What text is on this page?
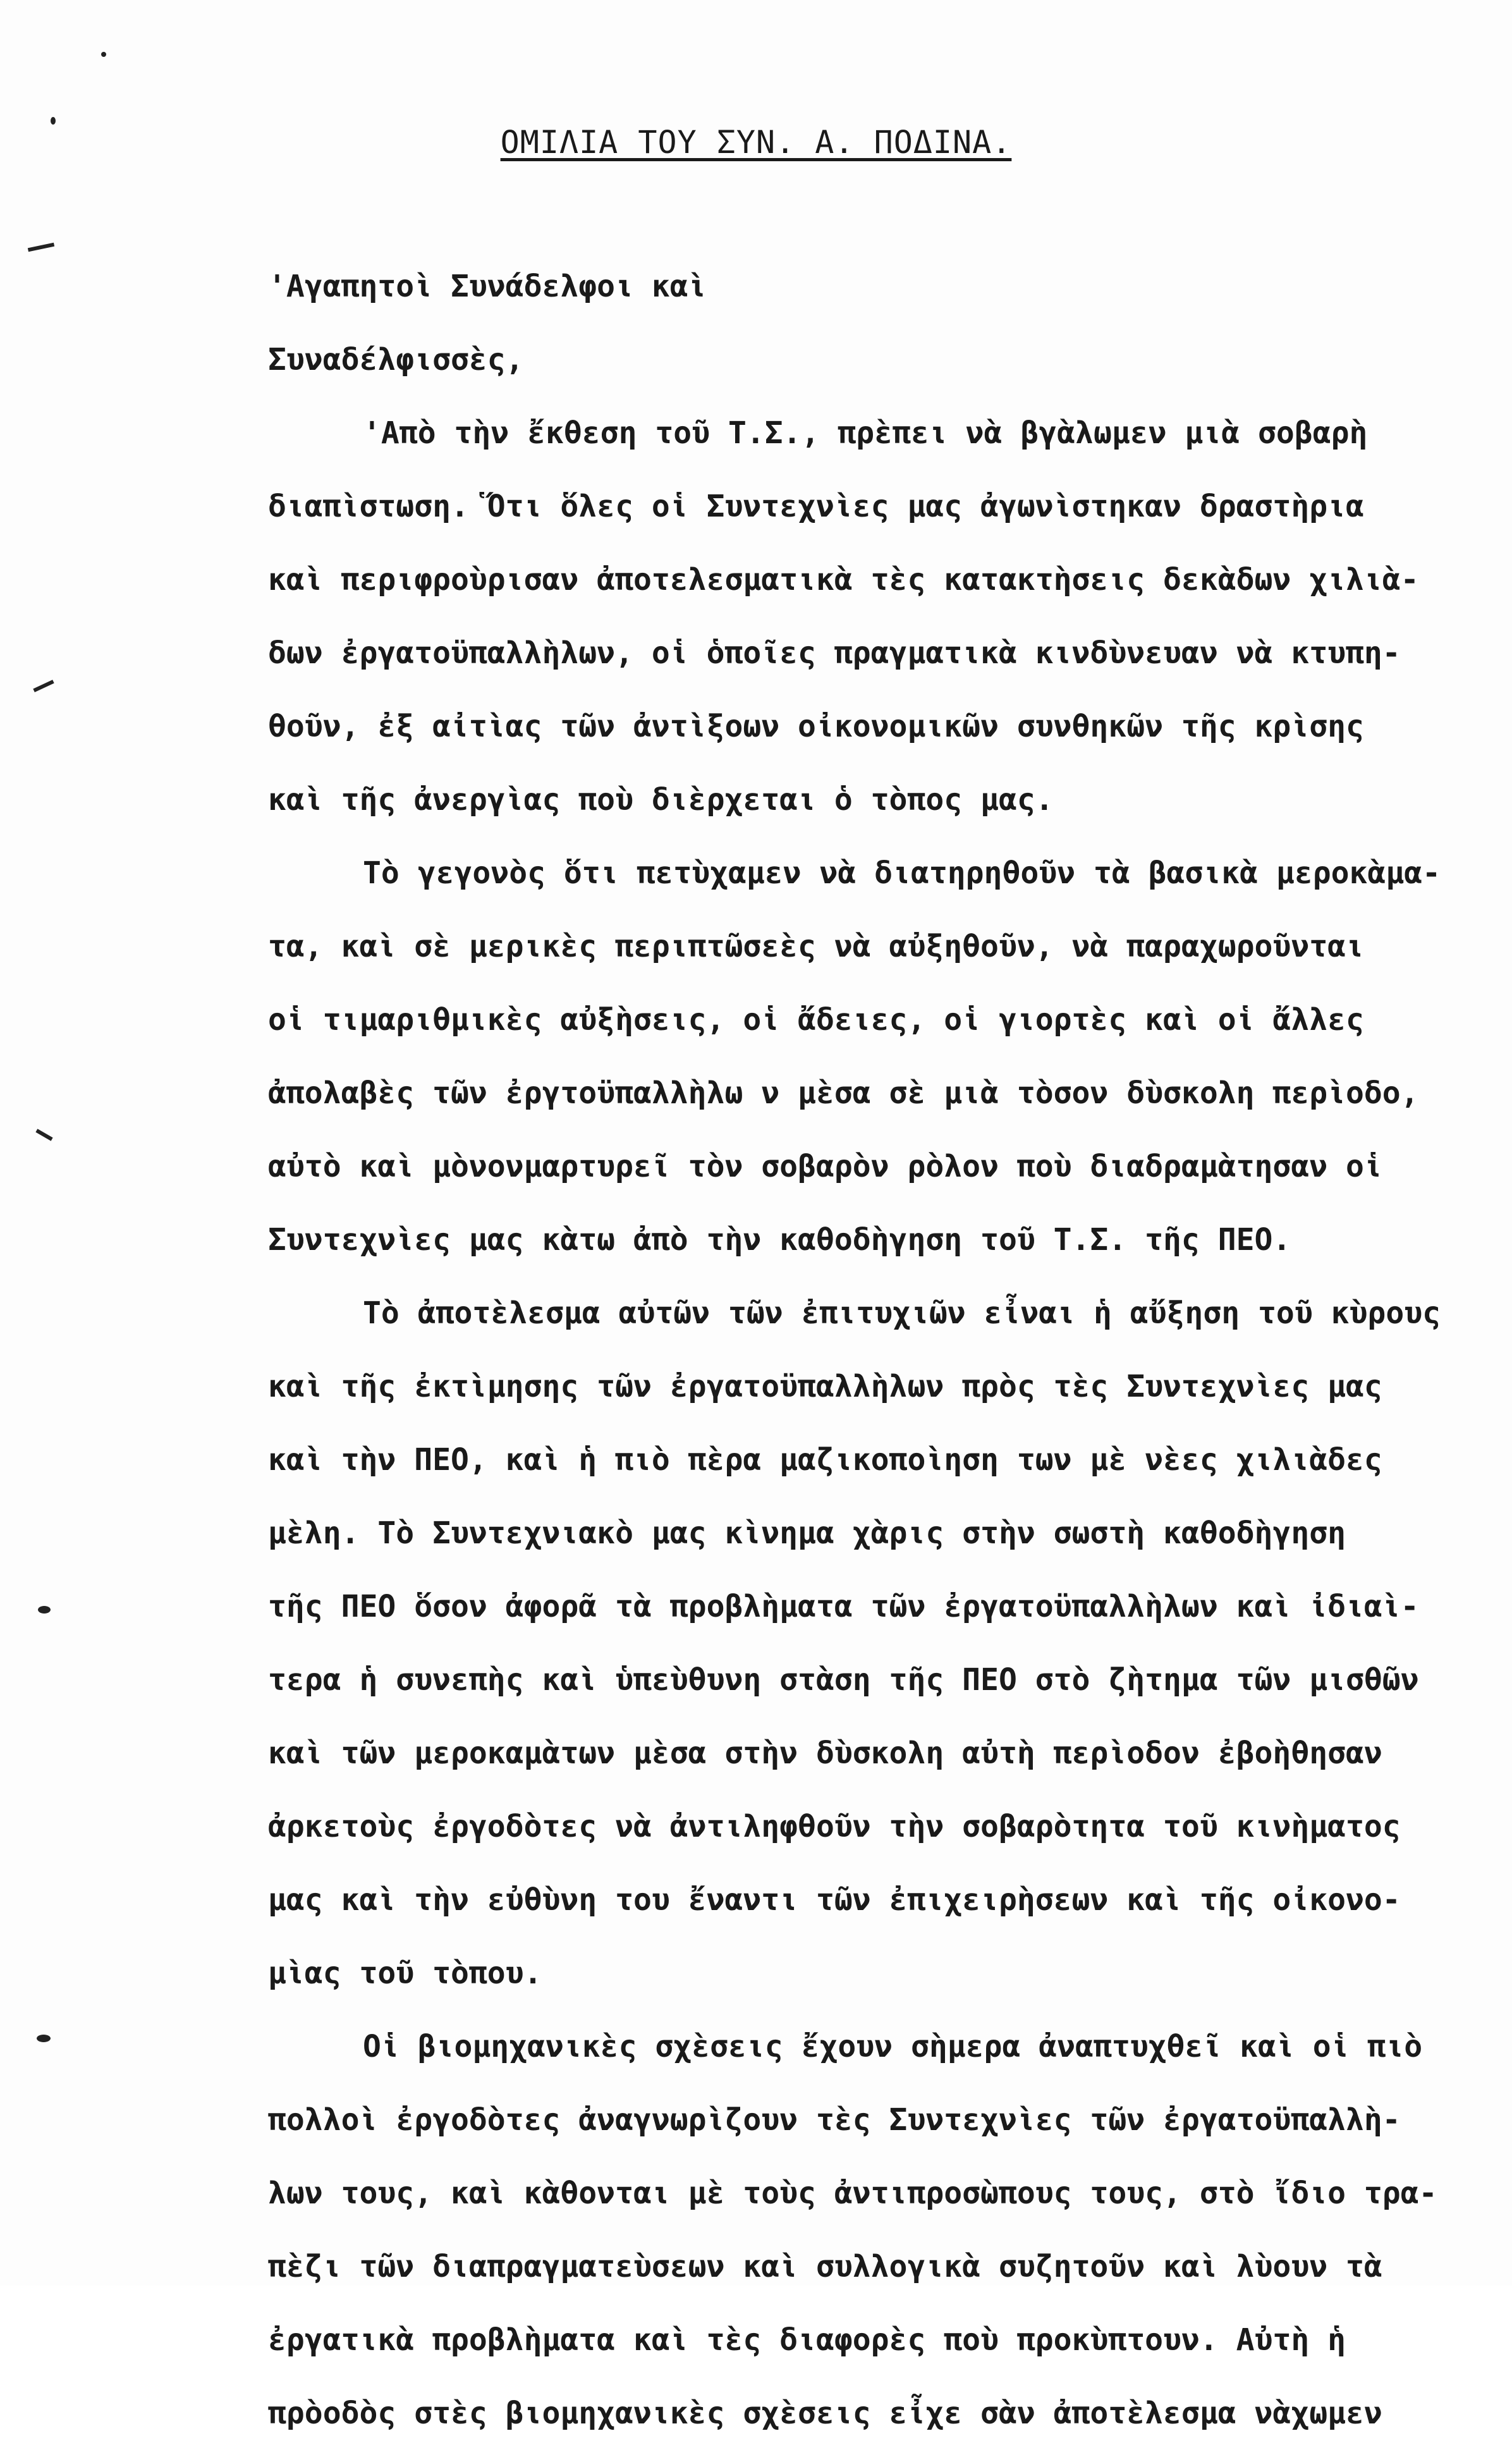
ΟΜΙΛΙΑ ΤΟΥ ΣΥΝ. Α. ΠΟΔΙΝΑ.
'Αγαπητοὶ Συνάδελφοι καὶ
Συναδέλφισσὲς,
'Απὸ τὴν ἔκθεση τοῦ Τ.Σ., πρὲπει νὰ βγὰλωμεν μιὰ σοβαρὴ
διαπὶστωση. Ὅτι ὅλες οἱ Συντεχνὶες μας ἀγωνὶστηκαν δραστὴρια
καὶ περιφροὺρισαν ἀποτελεσματικὰ τὲς κατακτὴσεις δεκὰδων χιλιὰ-
δων ἐργατοϋπαλλὴλων, οἱ ὁποῖες πραγματικὰ κινδὺνευαν νὰ κτυπη-
θοῦν, ἐξ αἰτὶας τῶν ἀντὶξοων οἰκονομικῶν συνθηκῶν τῆς κρὶσης
καὶ τῆς ἀνεργὶας ποὺ διὲρχεται ὁ τὸπος μας.
Τὸ γεγονὸς ὅτι πετὺχαμεν νὰ διατηρηθοῦν τὰ βασικὰ μεροκὰμα-
τα, καὶ σὲ μερικὲς περιπτῶσεὲς νὰ αὐξηθοῦν, νὰ παραχωροῦνται
οἱ τιμαριθμικὲς αὐξὴσεις, οἱ ἄδειες, οἱ γιορτὲς καὶ οἱ ἄλλες
ἀπολαβὲς τῶν ἐργτοϋπαλλὴλω ν μὲσα σὲ μιὰ τὸσον δὺσκολη περὶοδο,
αὐτὸ καὶ μὸνονμαρτυρεῖ τὸν σοβαρὸν ρὸλον ποὺ διαδραμὰτησαν οἱ
Συντεχνὶες μας κὰτω ἀπὸ τὴν καθοδὴγηση τοῦ Τ.Σ. τῆς ΠΕΟ.
Τὸ ἀποτὲλεσμα αὐτῶν τῶν ἐπιτυχιῶν εἶναι ἡ αὔξηση τοῦ κὺρους
καὶ τῆς ἐκτὶμησης τῶν ἐργατοϋπαλλὴλων πρὸς τὲς Συντεχνὶες μας
καὶ τὴν ΠΕΟ, καὶ ἡ πιὸ πὲρα μαζικοποὶηση των μὲ νὲες χιλιὰδες
μὲλη. Τὸ Συντεχνιακὸ μας κὶνημα χὰρις στὴν σωστὴ καθοδὴγηση
τῆς ΠΕΟ ὅσον ἀφορᾶ τὰ προβλὴματα τῶν ἐργατοϋπαλλὴλων καὶ ἰδιαὶ-
τερα ἡ συνεπὴς καὶ ὑπεὺθυνη στὰση τῆς ΠΕΟ στὸ ζὴτημα τῶν μισθῶν
καὶ τῶν μεροκαμὰτων μὲσα στὴν δὺσκολη αὐτὴ περὶοδον ἐβοὴθησαν
ἀρκετοὺς ἐργοδὸτες νὰ ἀντιληφθοῦν τὴν σοβαρὸτητα τοῦ κινὴματος
μας καὶ τὴν εὐθὺνη του ἔναντι τῶν ἐπιχειρὴσεων καὶ τῆς οἰκονο-
μὶας τοῦ τὸπου.
Οἱ βιομηχανικὲς σχὲσεις ἔχουν σὴμερα ἀναπτυχθεῖ καὶ οἱ πιὸ
πολλοὶ ἐργοδὸτες ἀναγνωρὶζουν τὲς Συντεχνὶες τῶν ἐργατοϋπαλλὴ-
λων τους, καὶ κὰθονται μὲ τοὺς ἀντιπροσὼπους τους, στὸ ἴδιο τρα-
πὲζι τῶν διαπραγματεὺσεων καὶ συλλογικὰ συζητοῦν καὶ λὺουν τὰ
ἐργατικὰ προβλὴματα καὶ τὲς διαφορὲς ποὺ προκὺπτουν. Αὐτὴ ἡ
πρὸοδὸς στὲς βιομηχανικὲς σχὲσεις εἶχε σὰν ἀποτὲλεσμα νὰχωμεν
